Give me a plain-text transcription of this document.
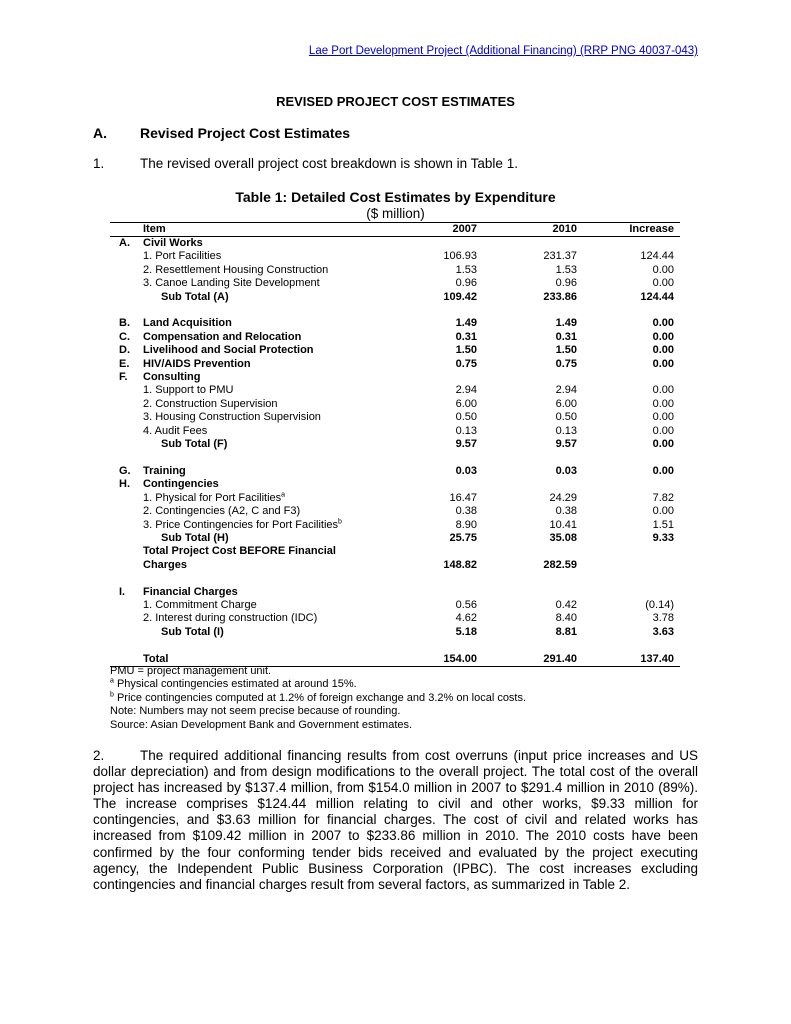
Lae Port Development Project (Additional Financing) (RRP PNG 40037-043)
REVISED PROJECT COST ESTIMATES
A. Revised Project Cost Estimates
1.	The revised overall project cost breakdown is shown in Table 1.
Table 1: Detailed Cost Estimates by Expenditure
($ million)
	Item	2007	2010	Increase
A.	Civil Works			
	1. Port Facilities	106.93	231.37	124.44
	2. Resettlement Housing Construction	1.53	1.53	0.00
	3. Canoe Landing Site Development	0.96	0.96	0.00
	Sub Total (A)	109.42	233.86	124.44

B.	Land Acquisition	1.49	1.49	0.00
C.	Compensation and Relocation	0.31	0.31	0.00
D.	Livelihood and Social Protection	1.50	1.50	0.00
E.	HIV/AIDS Prevention	0.75	0.75	0.00
F.	Consulting			
	1. Support to PMU	2.94	2.94	0.00
	2. Construction Supervision	6.00	6.00	0.00
	3. Housing Construction Supervision	0.50	0.50	0.00
	4. Audit Fees	0.13	0.13	0.00
	Sub Total (F)	9.57	9.57	0.00

G.	Training	0.03	0.03	0.00
H.	Contingencies			
	1. Physical for Port Facilities$^a$	16.47	24.29	7.82
	2. Contingencies (A2, C and F3)	0.38	0.38	0.00
	3. Price Contingencies for Port Facilities$^b$	8.90	10.41	1.51
	Sub Total (H)	25.75	35.08	9.33
	Total Project Cost BEFORE Financial			
	Charges	148.82	282.59	

I.	Financial Charges			
	1. Commitment Charge	0.56	0.42	(0.14)
	2. Interest during construction (IDC)	4.62	8.40	3.78
	Sub Total (I)	5.18	8.81	3.63

	Total	154.00	291.40	137.40
PMU = project management unit.
$^a$ Physical contingencies estimated at around 15%.
$^b$ Price contingencies computed at 1.2% of foreign exchange and 3.2% on local costs.
Note: Numbers may not seem precise because of rounding.
Source: Asian Development Bank and Government estimates.
2.	The required additional financing results from cost overruns (input price increases and US dollar depreciation) and from design modifications to the overall project. The total cost of the overall project has increased by $137.4 million, from $154.0 million in 2007 to $291.4 million in 2010 (89%). The increase comprises $124.44 million relating to civil and other works, $9.33 million for contingencies, and $3.63 million for financial charges. The cost of civil and related works has increased from $109.42 million in 2007 to $233.86 million in 2010. The 2010 costs have been confirmed by the four conforming tender bids received and evaluated by the project executing agency, the Independent Public Business Corporation (IPBC). The cost increases excluding contingencies and financial charges result from several factors, as summarized in Table 2.
